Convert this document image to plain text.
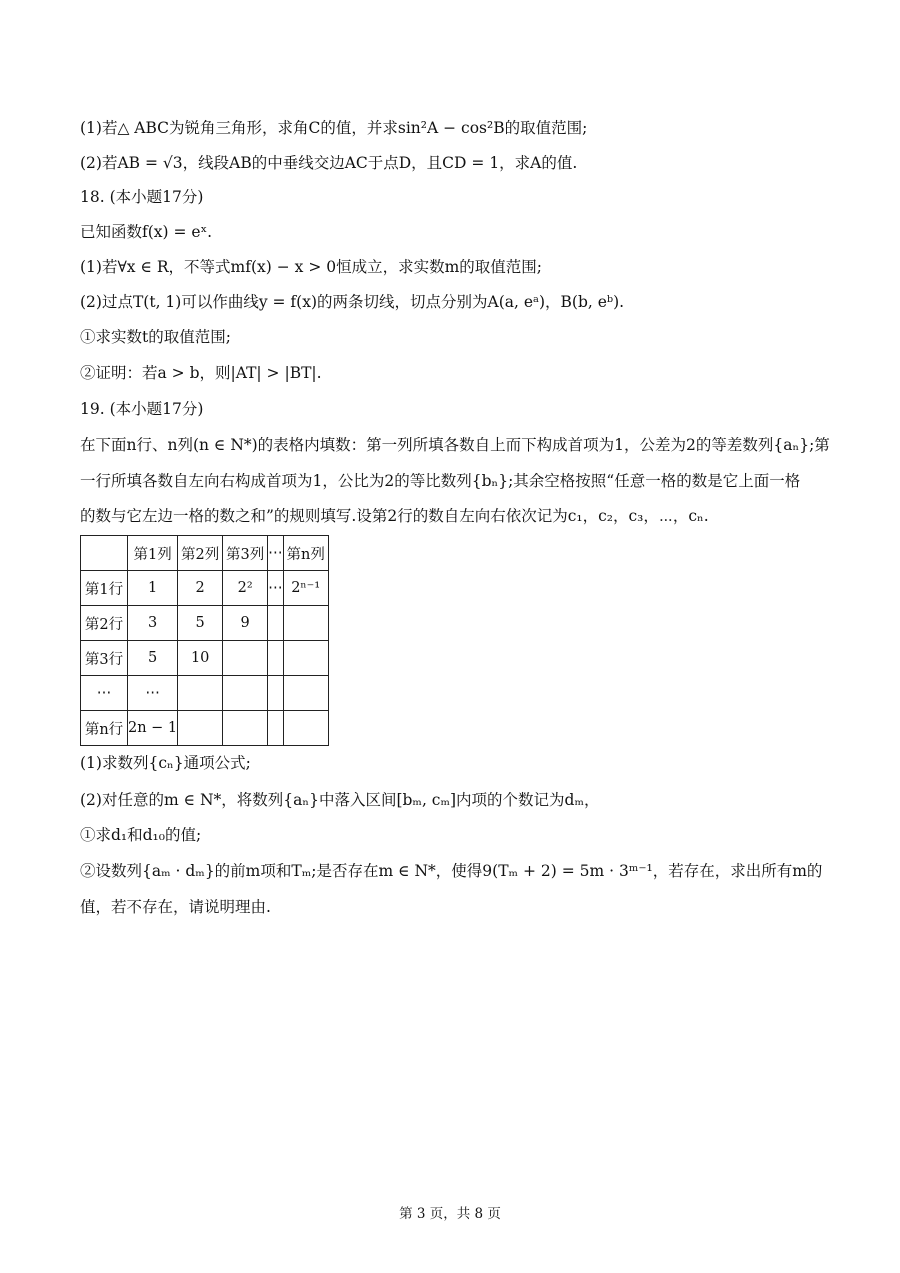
(1)若△ ABC为锐角三角形，求角C的值，并求sin²A − cos²B的取值范围;
(2)若AB = √3，线段AB的中垂线交边AC于点D，且CD = 1，求A的值.
18. (本小题17分)
已知函数f(x) = eˣ.
(1)若∀x ∈ R，不等式mf(x) − x > 0恒成立，求实数m的取值范围;
(2)过点T(t, 1)可以作曲线y = f(x)的两条切线，切点分别为A(a, eᵃ)，B(b, eᵇ).
①求实数t的取值范围;
②证明：若a > b，则|AT| > |BT|.
19. (本小题17分)
在下面n行、n列(n ∈ N*)的表格内填数：第一列所填各数自上而下构成首项为1，公差为2的等差数列{aₙ};第
一行所填各数自左向右构成首项为1，公比为2的等比数列{bₙ};其余空格按照“任意一格的数是它上面一格
的数与它左边一格的数之和”的规则填写.设第2行的数自左向右依次记为c₁，c₂，c₃，⋯，cₙ.
	第1列	第2列	第3列	⋯	第n列
第1行	1	2	2²	⋯	2ⁿ⁻¹
第2行	3	5	9		
第3行	5	10			
⋯	⋯				
第n行	2n − 1				
(1)求数列{cₙ}通项公式;
(2)对任意的m ∈ N*，将数列{aₙ}中落入区间[bₘ, cₘ]内项的个数记为dₘ，
①求d₁和d₁₀的值;
②设数列{aₘ · dₘ}的前m项和Tₘ;是否存在m ∈ N*，使得9(Tₘ + 2) = 5m · 3ᵐ⁻¹，若存在，求出所有m的
值，若不存在，请说明理由.
第 3 页，共 8 页
